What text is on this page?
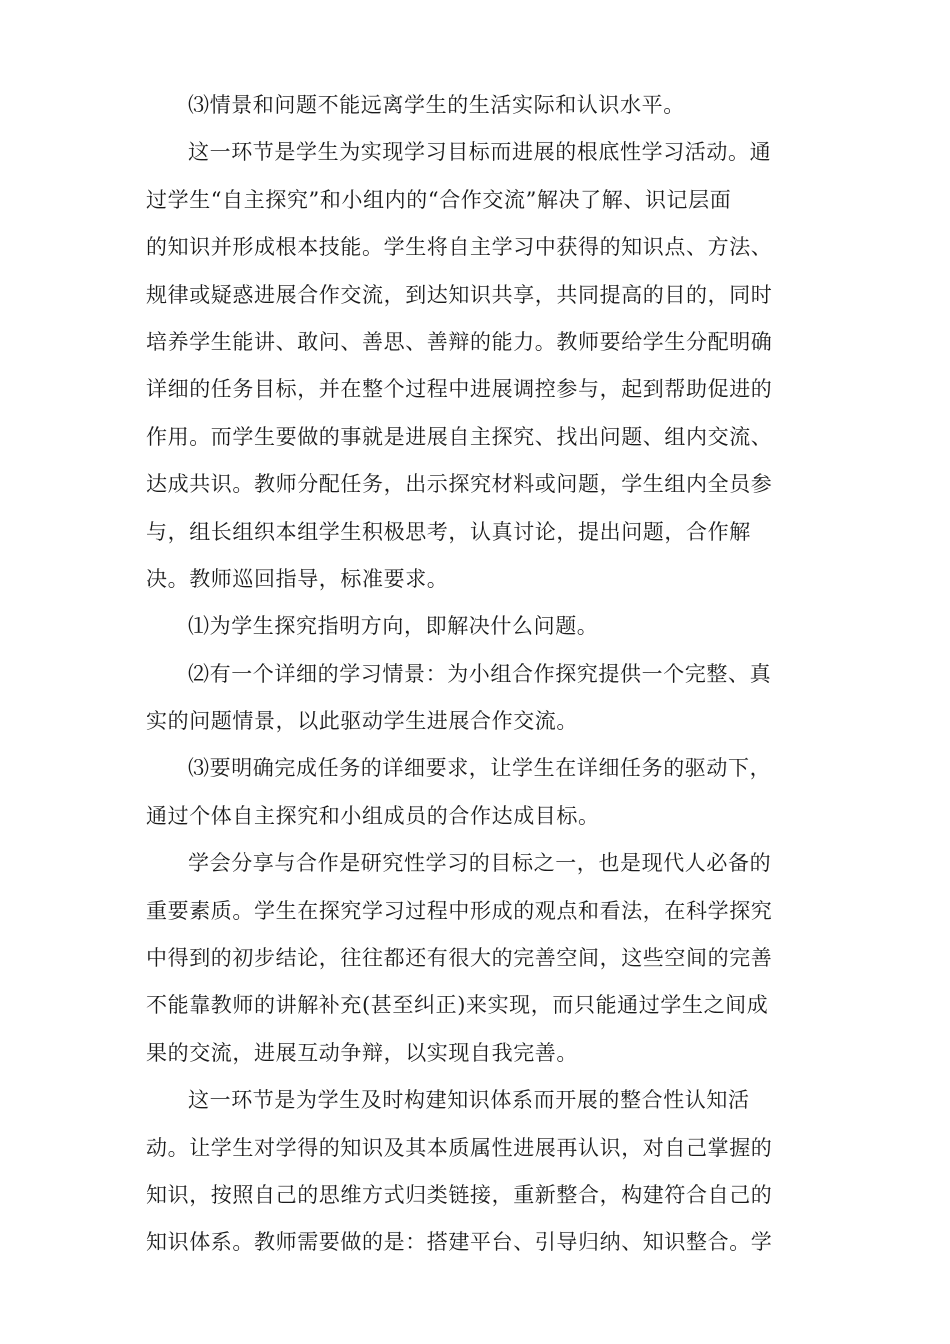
⑶情景和问题不能远离学生的生活实际和认识水平。
这一环节是学生为实现学习目标而进展的根底性学习活动。通
过学生“自主探究”和小组内的“合作交流”解决了解、识记层面
的知识并形成根本技能。学生将自主学习中获得的知识点、方法、
规律或疑惑进展合作交流，到达知识共享，共同提高的目的，同时
培养学生能讲、敢问、善思、善辩的能力。教师要给学生分配明确
详细的任务目标，并在整个过程中进展调控参与，起到帮助促进的
作用。而学生要做的事就是进展自主探究、找出问题、组内交流、
达成共识。教师分配任务，出示探究材料或问题，学生组内全员参
与，组长组织本组学生积极思考，认真讨论，提出问题，合作解
决。教师巡回指导，标准要求。
⑴为学生探究指明方向，即解决什么问题。
⑵有一个详细的学习情景：为小组合作探究提供一个完整、真
实的问题情景，以此驱动学生进展合作交流。
⑶要明确完成任务的详细要求，让学生在详细任务的驱动下，
通过个体自主探究和小组成员的合作达成目标。
学会分享与合作是研究性学习的目标之一，也是现代人必备的
重要素质。学生在探究学习过程中形成的观点和看法，在科学探究
中得到的初步结论，往往都还有很大的完善空间，这些空间的完善
不能靠教师的讲解补充(甚至纠正)来实现，而只能通过学生之间成
果的交流，进展互动争辩，以实现自我完善。
这一环节是为学生及时构建知识体系而开展的整合性认知活
动。让学生对学得的知识及其本质属性进展再认识，对自己掌握的
知识，按照自己的思维方式归类链接，重新整合，构建符合自己的
知识体系。教师需要做的是：搭建平台、引导归纳、知识整合。学
